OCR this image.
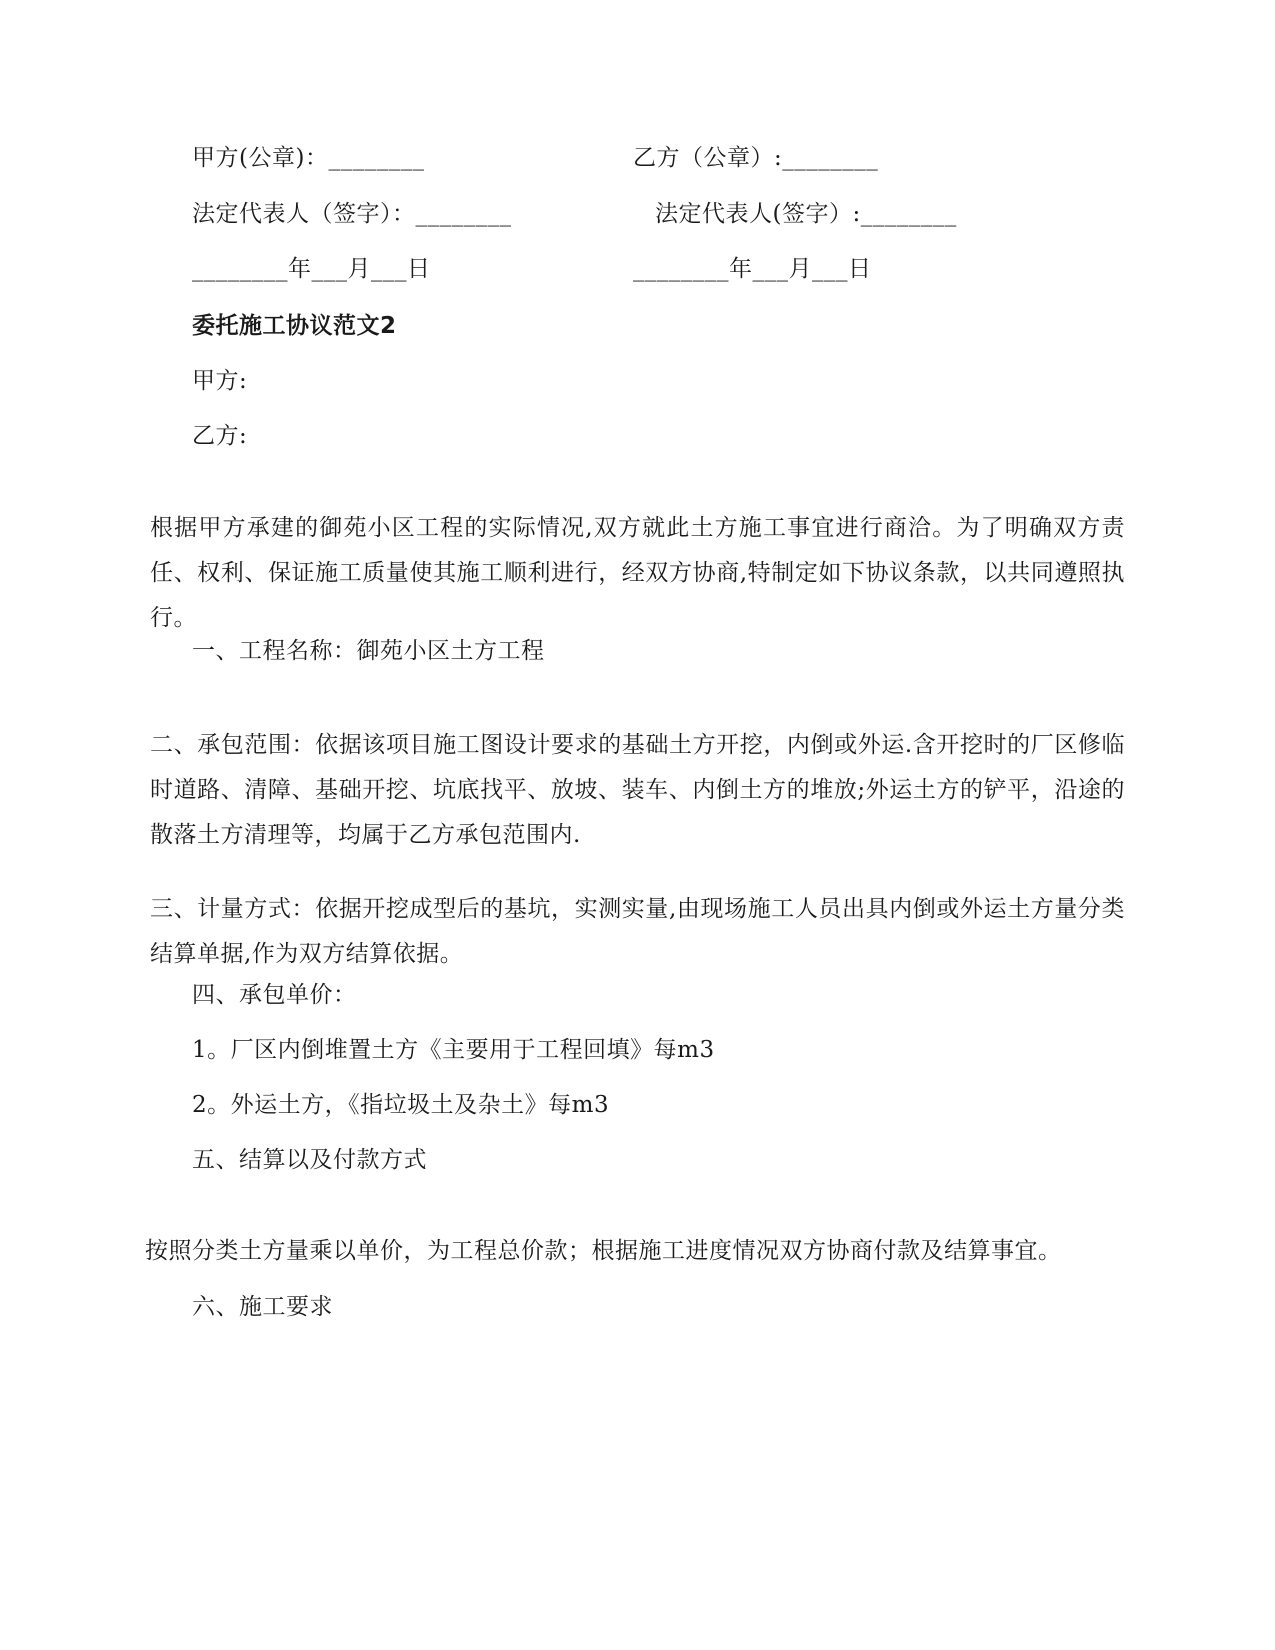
甲方(公章)：________	乙方（公章）:________
法定代表人（签字）：________	法定代表人(签字）:________
________年___月___日	________年___月___日
委托施工协议范文2
甲方:
乙方:
根据甲方承建的御苑小区工程的实际情况,双方就此土方施工事宜进行商洽。为了明确双方责任、权利、保证施工质量使其施工顺利进行，经双方协商,特制定如下协议条款，以共同遵照执行。
一、工程名称：御苑小区土方工程
二、承包范围：依据该项目施工图设计要求的基础土方开挖，内倒或外运.含开挖时的厂区修临时道路、清障、基础开挖、坑底找平、放坡、装车、内倒土方的堆放;外运土方的铲平，沿途的散落土方清理等，均属于乙方承包范围内.
三、计量方式：依据开挖成型后的基坑，实测实量,由现场施工人员出具内倒或外运土方量分类结算单据,作为双方结算依据。
四、承包单价：
1。厂区内倒堆置土方《主要用于工程回填》每m3
2。外运土方，《指垃圾土及杂土》每m3
五、结算以及付款方式
按照分类土方量乘以单价，为工程总价款；根据施工进度情况双方协商付款及结算事宜。
六、施工要求
